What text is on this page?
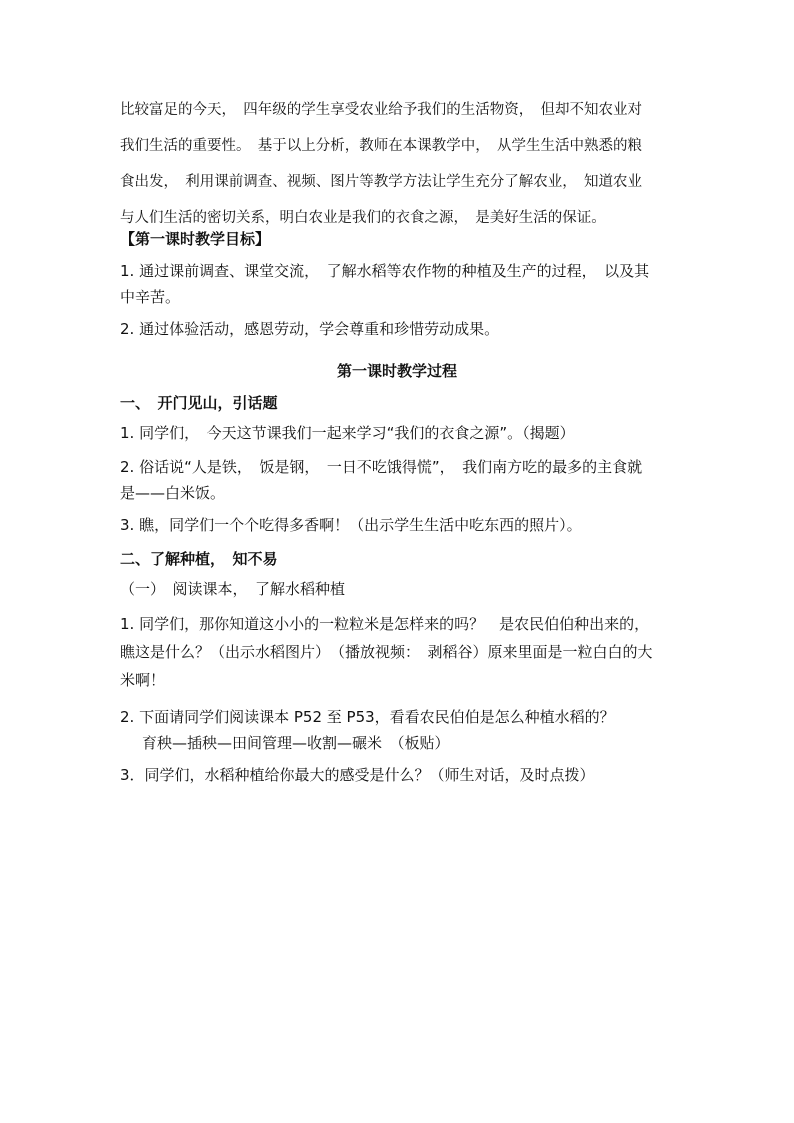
比较富足的今天，　四年级的学生享受农业给予我们的生活物资，　但却不知农业对

我们生活的重要性。　基于以上分析，教师在本课教学中，　从学生生活中熟悉的粮

食出发，　利用课前调查、视频、图片等教学方法让学生充分了解农业，　知道农业

与人们生活的密切关系，明白农业是我们的衣食之源，　是美好生活的保证。

【第一课时教学目标】

1. 通过课前调查、课堂交流，　了解水稻等农作物的种植及生产的过程，　以及其

中辛苦。

2. 通过体验活动，感恩劳动，学会尊重和珍惜劳动成果。

第一课时教学过程

一、　开门见山，引话题

1. 同学们，　今天这节课我们一起来学习“我们的衣食之源”。（揭题）

2. 俗话说“人是铁，　饭是钢，　一日不吃饿得慌”，　我们南方吃的最多的主食就

是——白米饭。

3. 瞧，同学们一个个吃得多香啊！（出示学生生活中吃东西的照片）。

二、了解种植，　知不易

（一）　阅读课本，　了解水稻种植

1. 同学们，那你知道这小小的一粒粒米是怎样来的吗？　是农民伯伯种出来的，

瞧这是什么？（出示水稻图片）　（播放视频：　剥稻谷）原来里面是一粒白白的大

米啊！

2. 下面请同学们阅读课本 P52 至 P53，看看农民伯伯是怎么种植水稻的？

育秧—插秧—田间管理—收割—碾米　（板贴）

3．同学们，水稻种植给你最大的感受是什么？（师生对话，及时点拨）
